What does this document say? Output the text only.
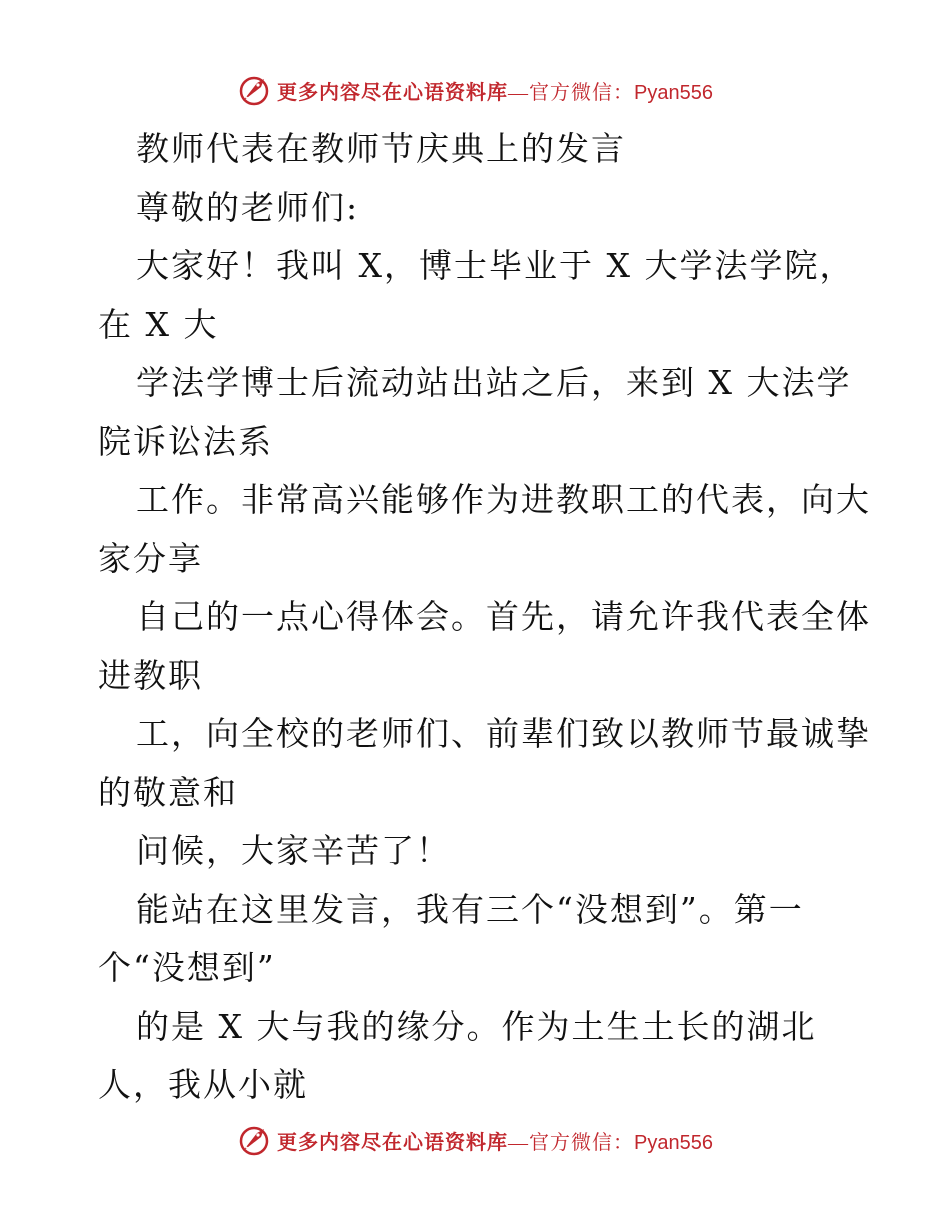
更多内容尽在心语资料库—官方微信：Pyan556
教师代表在教师节庆典上的发言
尊敬的老师们:
大家好！我叫 X，博士毕业于 X 大学法学院，
在 X 大
学法学博士后流动站出站之后，来到 X 大法学
院诉讼法系
工作。非常高兴能够作为进教职工的代表，向大
家分享
自己的一点心得体会。首先，请允许我代表全体
进教职
工，向全校的老师们、前辈们致以教师节最诚挚
的敬意和
问候，大家辛苦了！
能站在这里发言，我有三个“没想到”。第一
个“没想到”
的是 X 大与我的缘分。作为土生土长的湖北
人，我从小就
更多内容尽在心语资料库—官方微信：Pyan556
